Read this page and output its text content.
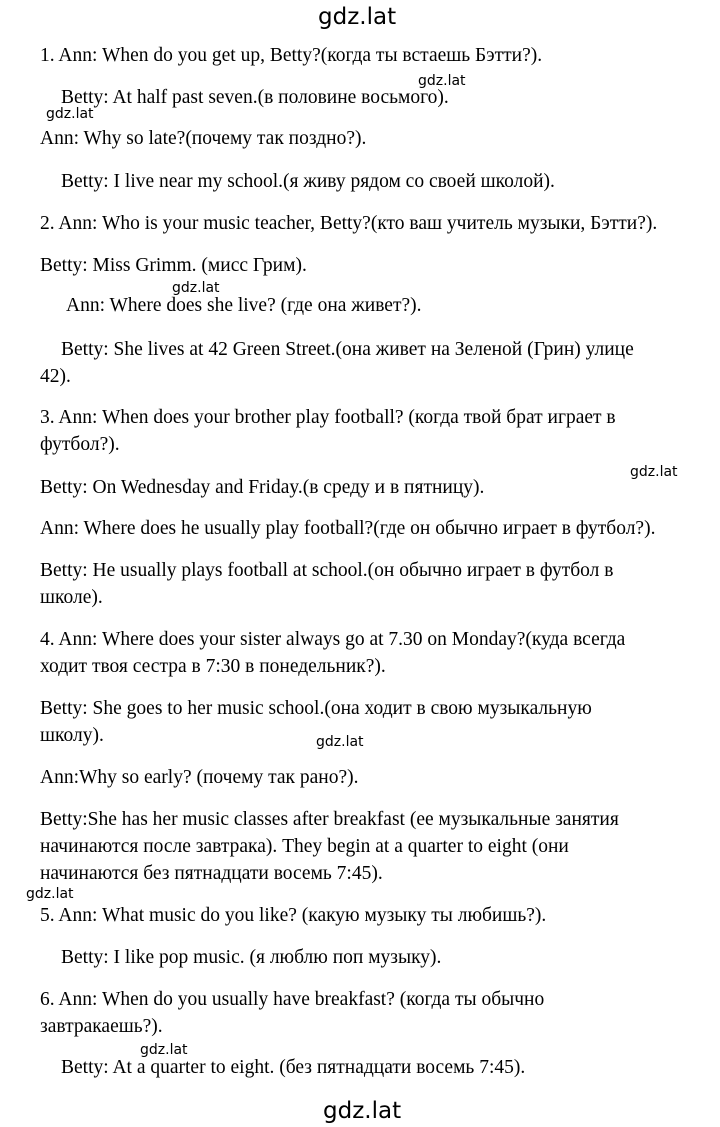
gdz.lat
1. Ann: When do you get up, Betty?(когда ты встаешь Бэтти?).
gdz.lat
Betty: At half past seven.(в половине восьмого).
gdz.lat
Ann: Why so late?(почему так поздно?).
Betty: I live near my school.(я живу рядом со своей школой).
2. Ann: Who is your music teacher, Betty?(кто ваш учитель музыки, Бэтти?).
Betty: Miss Grimm. (мисс Грим).
gdz.lat
Ann: Where does she live? (где она живет?).
Betty: She lives at 42 Green Street.(она живет на Зеленой (Грин) улице
42).
3. Ann: When does your brother play football? (когда твой брат играет в
футбол?).
gdz.lat
Betty: On Wednesday and Friday.(в среду и в пятницу).
Ann: Where does he usually play football?(где он обычно играет в футбол?).
Betty: He usually plays football at school.(он обычно играет в футбол в
школе).
4. Ann: Where does your sister always go at 7.30 on Monday?(куда всегда
ходит твоя сестра в 7:30 в понедельник?).
Betty: She goes to her music school.(она ходит в свою музыкальную
gdz.lat
школу).
Ann:Why so early? (почему так рано?).
Betty:She has her music classes after breakfast (ее музыкальные занятия
начинаются после завтрака). They begin at a quarter to eight (они
начинаются без пятнадцати восемь 7:45).
gdz.lat
5. Ann: What music do you like? (какую музыку ты любишь?).
Betty: I like pop music. (я люблю поп музыку).
6. Ann: When do you usually have breakfast? (когда ты обычно
завтракаешь?).
gdz.lat
Betty: At a quarter to eight. (без пятнадцати восемь 7:45).
gdz.lat
